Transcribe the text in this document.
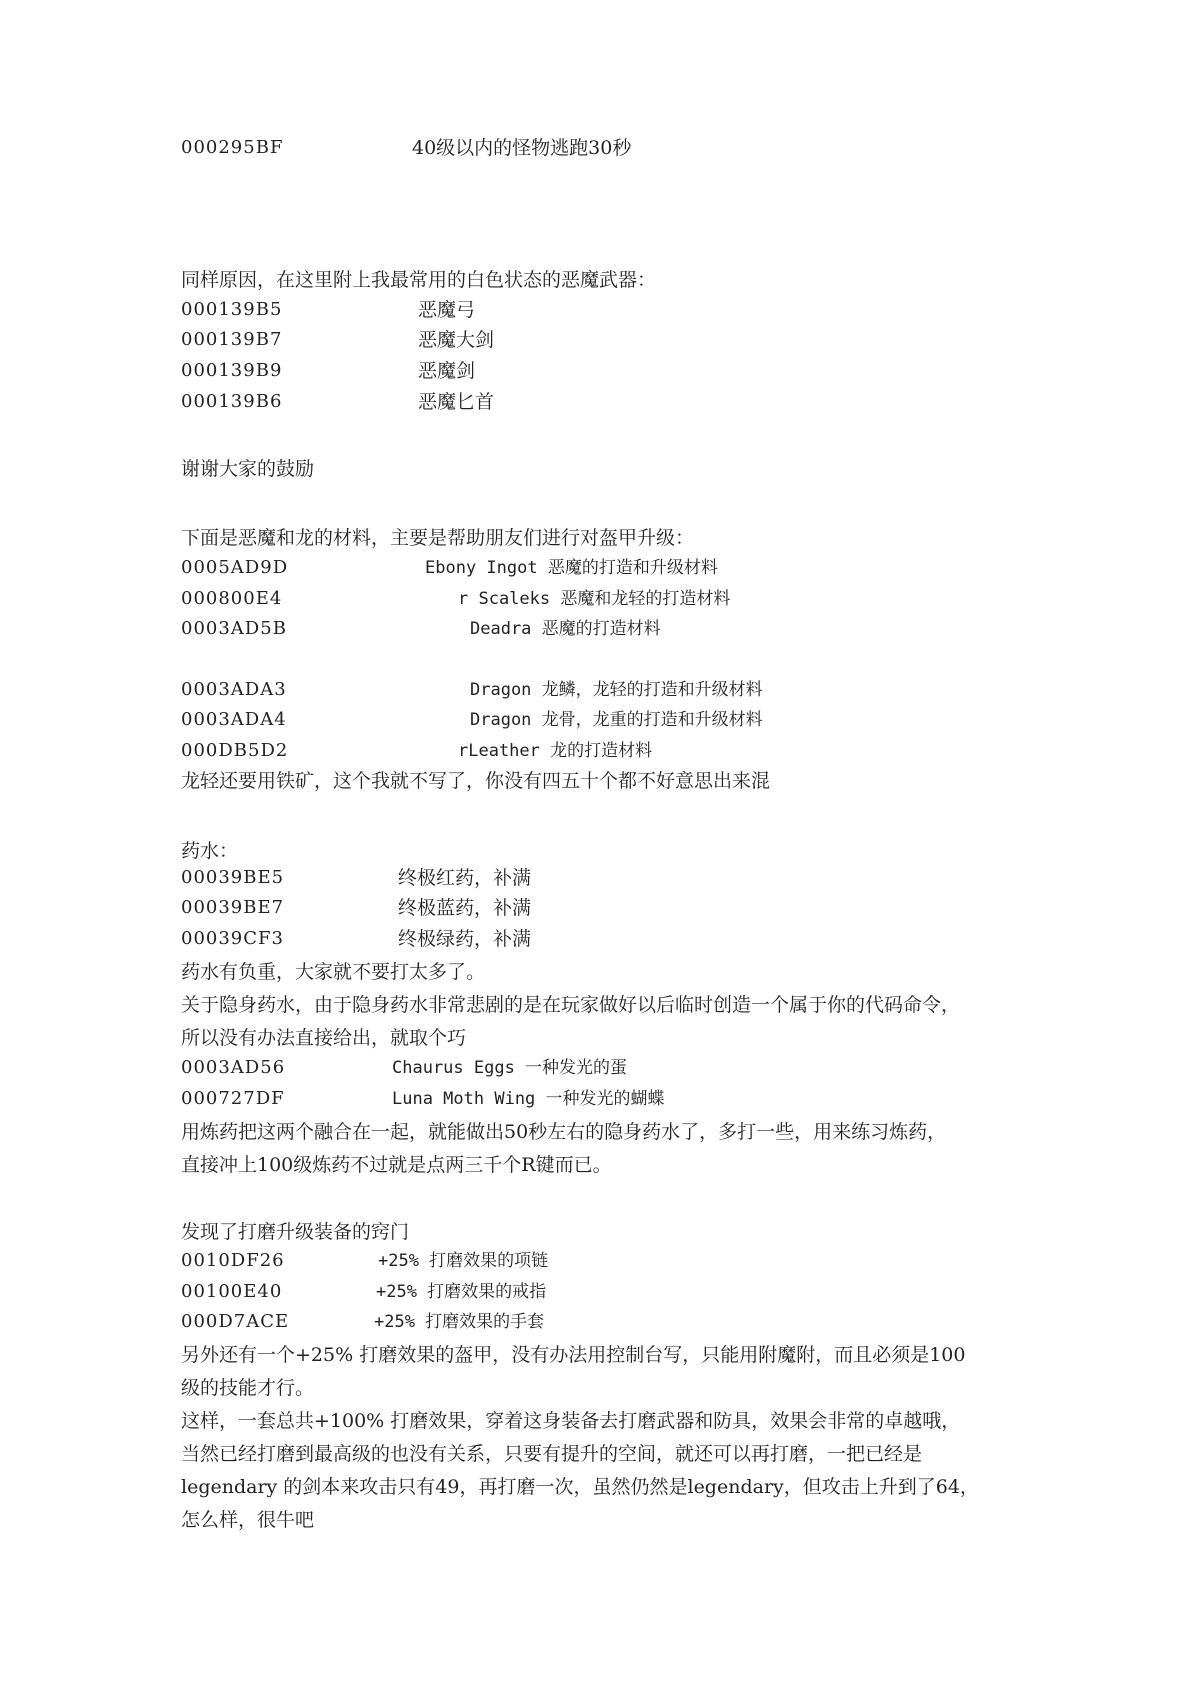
000295BF	40级以内的怪物逃跑30秒
同样原因，在这里附上我最常用的白色状态的恶魔武器：
000139B5	恶魔弓
000139B7	恶魔大剑
000139B9	恶魔剑
000139B6	恶魔匕首
谢谢大家的鼓励
下面是恶魔和龙的材料，主要是帮助朋友们进行对盔甲升级：
0005AD9D	Ebony Ingot 恶魔的打造和升级材料
000800E4	r Scaleks 恶魔和龙轻的打造材料
0003AD5B	Deadra 恶魔的打造材料
0003ADA3	Dragon 龙鳞，龙轻的打造和升级材料
0003ADA4	Dragon 龙骨，龙重的打造和升级材料
000DB5D2	rLeather 龙的打造材料
龙轻还要用铁矿，这个我就不写了，你没有四五十个都不好意思出来混
药水：
00039BE5	终极红药，补满
00039BE7	终极蓝药，补满
00039CF3	终极绿药，补满
药水有负重，大家就不要打太多了。
关于隐身药水，由于隐身药水非常悲剧的是在玩家做好以后临时创造一个属于你的代码命令，
所以没有办法直接给出，就取个巧
0003AD56	Chaurus Eggs 一种发光的蛋
000727DF	Luna Moth Wing 一种发光的蝴蝶
用炼药把这两个融合在一起，就能做出50秒左右的隐身药水了，多打一些，用来练习炼药，
直接冲上100级炼药不过就是点两三千个R键而已。
发现了打磨升级装备的窍门
0010DF26	+25% 打磨效果的项链
00100E40	+25% 打磨效果的戒指
000D7ACE	+25% 打磨效果的手套
另外还有一个+25% 打磨效果的盔甲，没有办法用控制台写，只能用附魔附，而且必须是100
级的技能才行。
这样，一套总共+100% 打磨效果，穿着这身装备去打磨武器和防具，效果会非常的卓越哦，
当然已经打磨到最高级的也没有关系，只要有提升的空间，就还可以再打磨，一把已经是
legendary 的剑本来攻击只有49，再打磨一次，虽然仍然是legendary，但攻击上升到了64，
怎么样，很牛吧
